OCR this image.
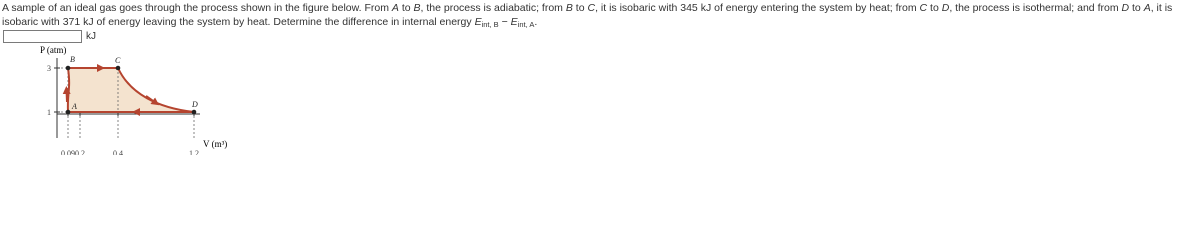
A sample of an ideal gas goes through the process shown in the figure below. From A to B, the process is adiabatic; from B to C, it is isobaric with 345 kJ of energy entering the system by heat; from C to D, the process is isothermal; and from D to A, it is isobaric with 371 kJ of energy leaving the system by heat. Determine the difference in internal energy $E_{int, B} - E_{int, A}$.
kJ
A
B	C
D
P (atm)
V (m³)
0.09 0.2	0.4	1.2
1
3
